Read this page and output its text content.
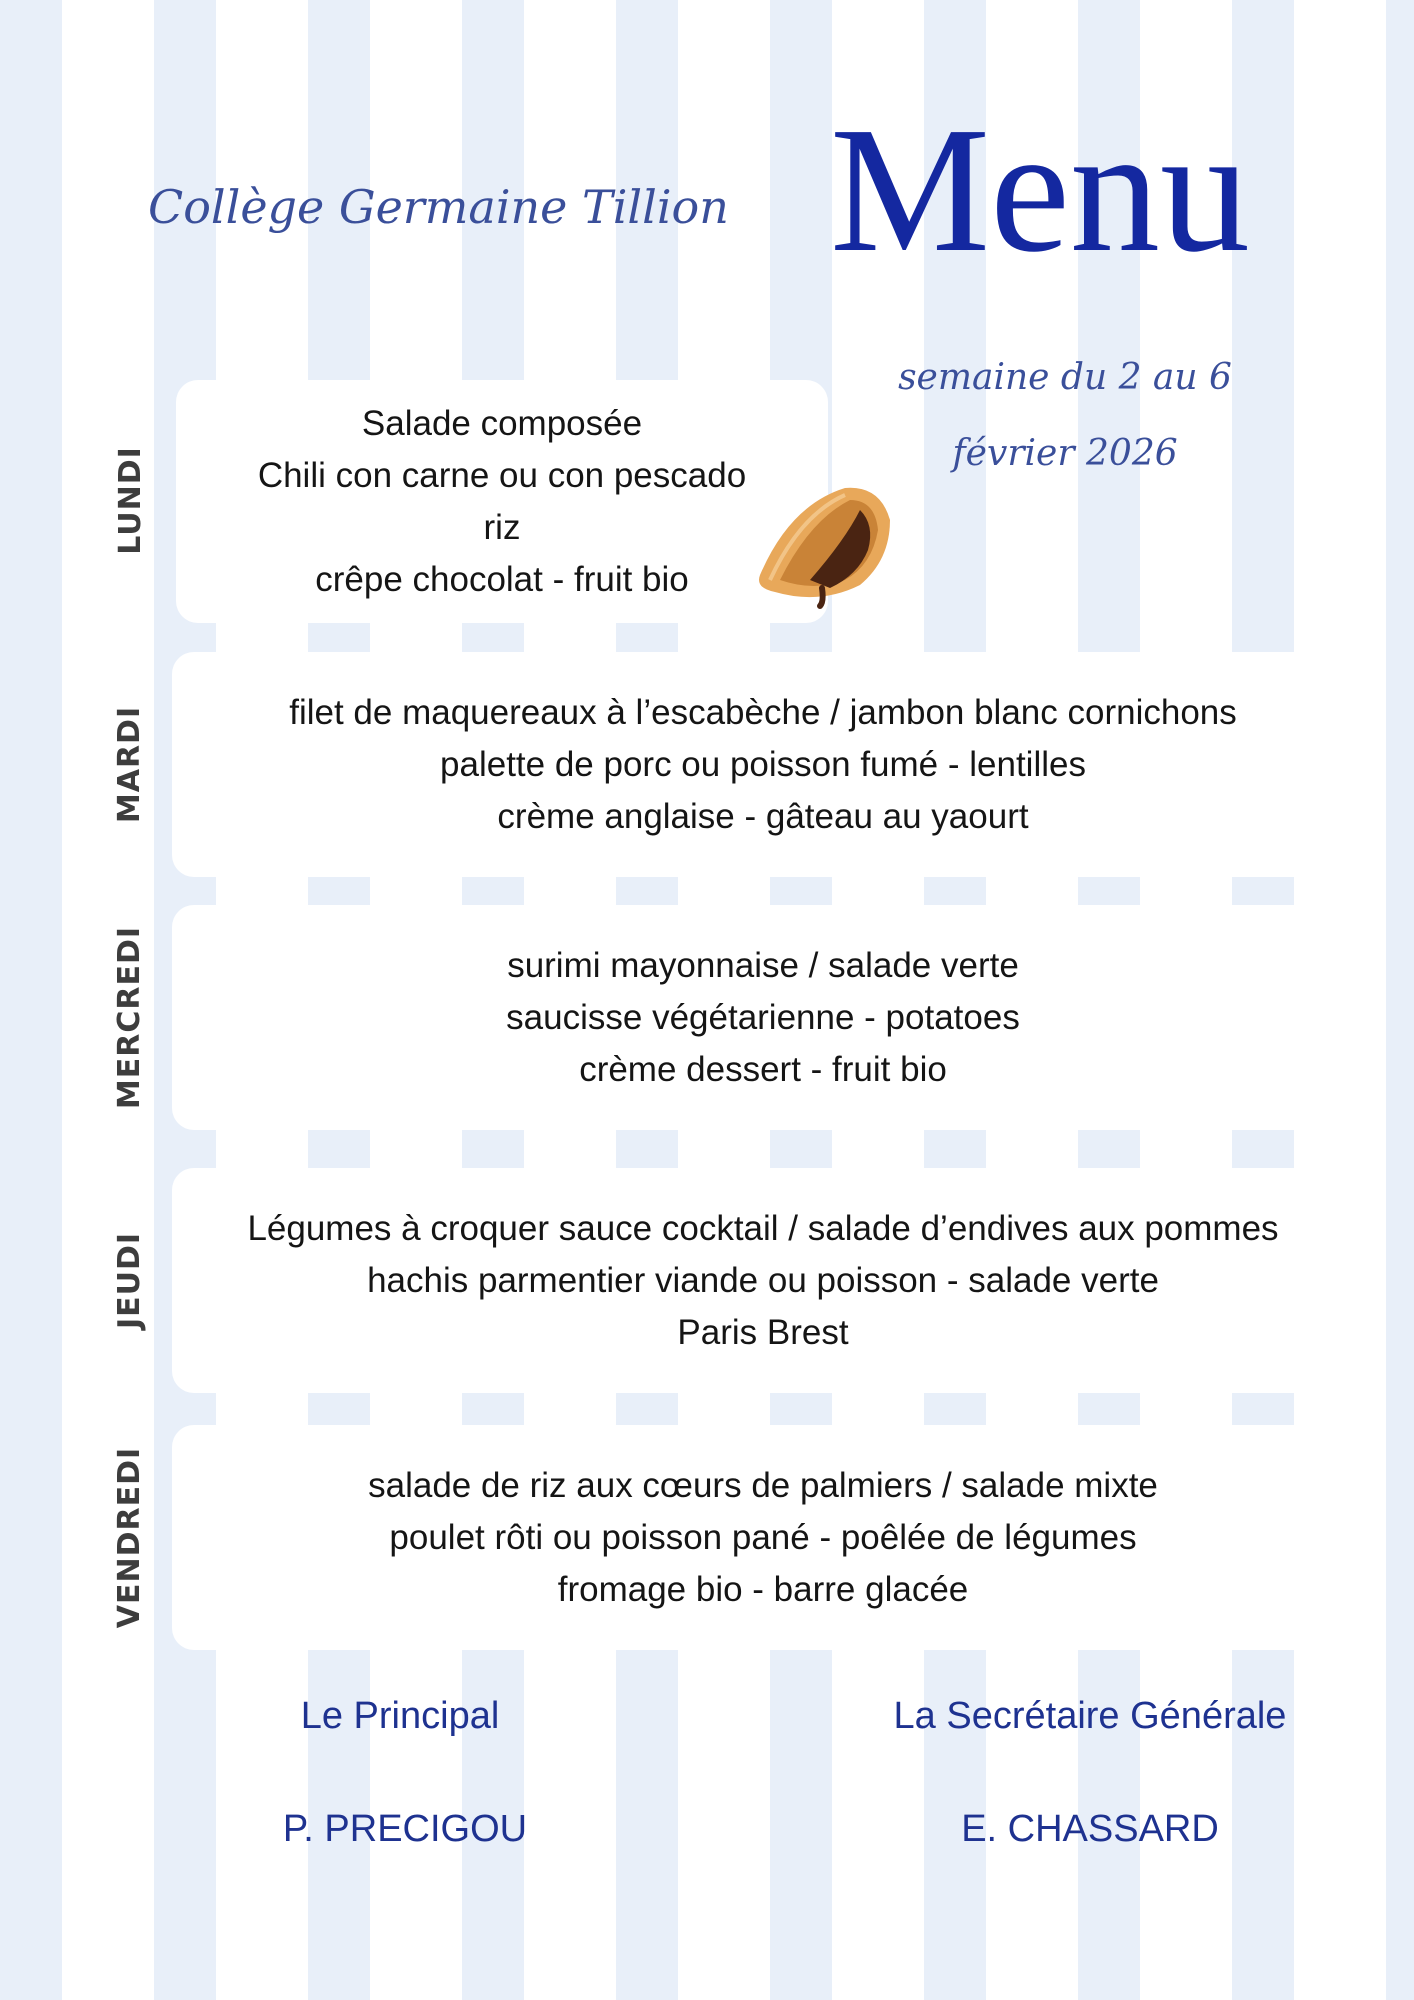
Collège Germaine Tillion Menu
semaine du 2 au 6
février 2026
LUNDI
Salade composée
Chili con carne ou con pescado
riz
crêpe chocolat - fruit bio
MARDI	filet de maquereaux à l’escabèche / jambon blanc cornichons
palette de porc ou poisson fumé - lentilles
crème anglaise - gâteau au yaourt
MERCREDI	surimi mayonnaise / salade verte
saucisse végétarienne - potatoes
crème dessert - fruit bio
JEUDI
Légumes à croquer sauce cocktail / salade d’endives aux pommes
hachis parmentier viande ou poisson - salade verte
Paris Brest
VENDREDI	salade de riz aux cœurs de palmiers / salade mixte
poulet rôti ou poisson pané - poêlée de légumes
fromage bio - barre glacée
Le Principal
P. PRECIGOU
La Secrétaire Générale
E. CHASSARD
